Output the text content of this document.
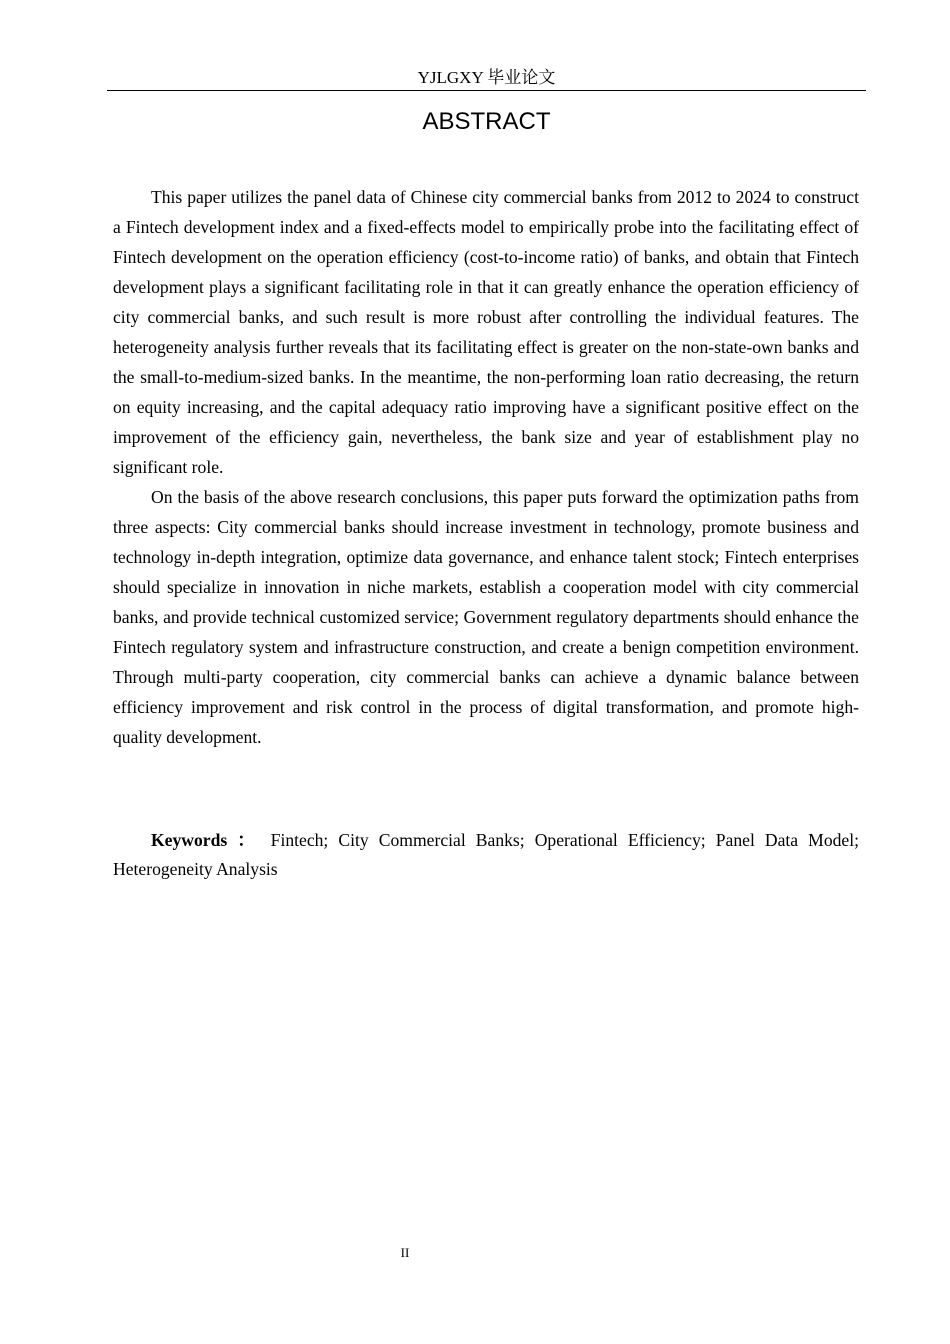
YJLGXY 毕业论文
ABSTRACT

This paper utilizes the panel data of Chinese city commercial banks from 2012 to 2024 to construct a Fintech development index and a fixed-effects model to empirically probe into the facilitating effect of Fintech development on the operation efficiency (cost-to-income ratio) of banks, and obtain that Fintech development plays a significant facilitating role in that it can greatly enhance the operation efficiency of city commercial banks, and such result is more robust after controlling the individual features. The heterogeneity analysis further reveals that its facilitating effect is greater on the non-state-own banks and the small-to-medium-sized banks. In the meantime, the non-performing loan ratio decreasing, the return on equity increasing, and the capital adequacy ratio improving have a significant positive effect on the improvement of the efficiency gain, nevertheless, the bank size and year of establishment play no significant role.

On the basis of the above research conclusions, this paper puts forward the optimization paths from three aspects: City commercial banks should increase investment in technology, promote business and technology in-depth integration, optimize data governance, and enhance talent stock; Fintech enterprises should specialize in innovation in niche markets, establish a cooperation model with city commercial banks, and provide technical customized service; Government regulatory departments should enhance the Fintech regulatory system and infrastructure construction, and create a benign competition environment. Through multi-party cooperation, city commercial banks can achieve a dynamic balance between efficiency improvement and risk control in the process of digital transformation, and promote high-quality development.

Keywords ： Fintech; City Commercial Banks; Operational Efficiency; Panel Data Model; Heterogeneity Analysis
II
